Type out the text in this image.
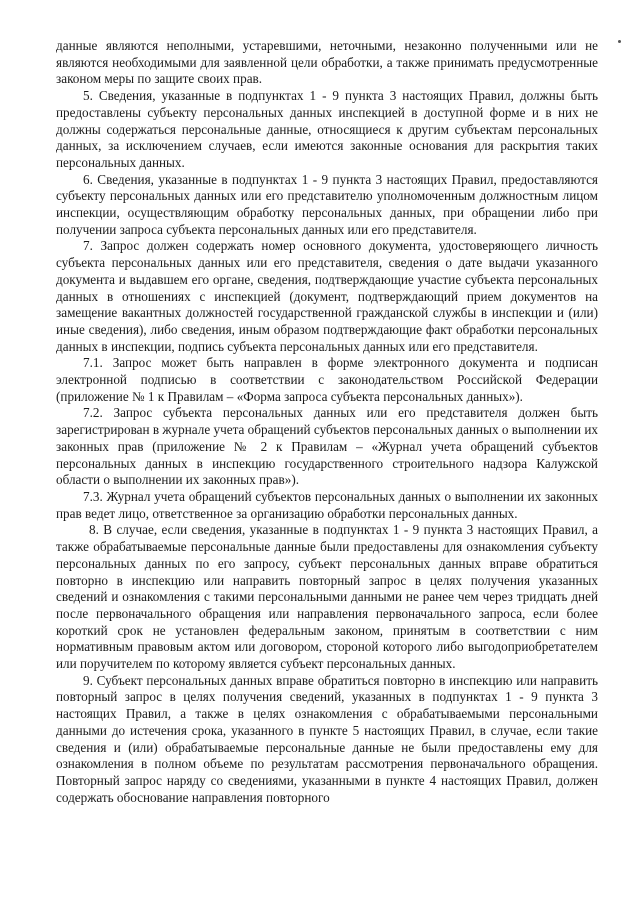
данные являются неполными, устаревшими, неточными, незаконно полученными или не являются необходимыми для заявленной цели обработки, а также принимать предусмотренные законом меры по защите своих прав.

5. Сведения, указанные в подпунктах 1 - 9 пункта 3 настоящих Правил, должны быть предоставлены субъекту персональных данных инспекцией в доступной форме и в них не должны содержаться персональные данные, относящиеся к другим субъектам персональных данных, за исключением случаев, если имеются законные основания для раскрытия таких персональных данных.

6. Сведения, указанные в подпунктах 1 - 9 пункта 3 настоящих Правил, предоставляются субъекту персональных данных или его представителю уполномоченным должностным лицом инспекции, осуществляющим обработку персональных данных, при обращении либо при получении запроса субъекта персональных данных или его представителя.

7. Запрос должен содержать номер основного документа, удостоверяющего личность субъекта персональных данных или его представителя, сведения о дате выдачи указанного документа и выдавшем его органе, сведения, подтверждающие участие субъекта персональных данных в отношениях с инспекцией (документ, подтверждающий прием документов на замещение вакантных должностей государственной гражданской службы в инспекции и (или) иные сведения), либо сведения, иным образом подтверждающие факт обработки персональных данных в инспекции, подпись субъекта персональных данных или его представителя.

7.1. Запрос может быть направлен в форме электронного документа и подписан электронной подписью в соответствии с законодательством Российской Федерации (приложение № 1 к Правилам – «Форма запроса субъекта персональных данных»).

7.2. Запрос субъекта персональных данных или его представителя должен быть зарегистрирован в журнале учета обращений субъектов персональных данных о выполнении их законных прав (приложение № 2 к Правилам – «Журнал учета обращений субъектов персональных данных в инспекцию государственного строительного надзора Калужской области о выполнении их законных прав»).

7.3. Журнал учета обращений субъектов персональных данных о выполнении их законных прав ведет лицо, ответственное за организацию обработки персональных данных.

8. В случае, если сведения, указанные в подпунктах 1 - 9 пункта 3 настоящих Правил, а также обрабатываемые персональные данные были предоставлены для ознакомления субъекту персональных данных по его запросу, субъект персональных данных вправе обратиться повторно в инспекцию или направить повторный запрос в целях получения указанных сведений и ознакомления с такими персональными данными не ранее чем через тридцать дней после первоначального обращения или направления первоначального запроса, если более короткий срок не установлен федеральным законом, принятым в соответствии с ним нормативным правовым актом или договором, стороной которого либо выгодоприобретателем или поручителем по которому является субъект персональных данных.

9. Субъект персональных данных вправе обратиться повторно в инспекцию или направить повторный запрос в целях получения сведений, указанных в подпунктах 1 - 9 пункта 3 настоящих Правил, а также в целях ознакомления с обрабатываемыми персональными данными до истечения срока, указанного в пункте 5 настоящих Правил, в случае, если такие сведения и (или) обрабатываемые персональные данные не были предоставлены ему для ознакомления в полном объеме по результатам рассмотрения первоначального обращения. Повторный запрос наряду со сведениями, указанными в пункте 4 настоящих Правил, должен содержать обоснование направления повторного
